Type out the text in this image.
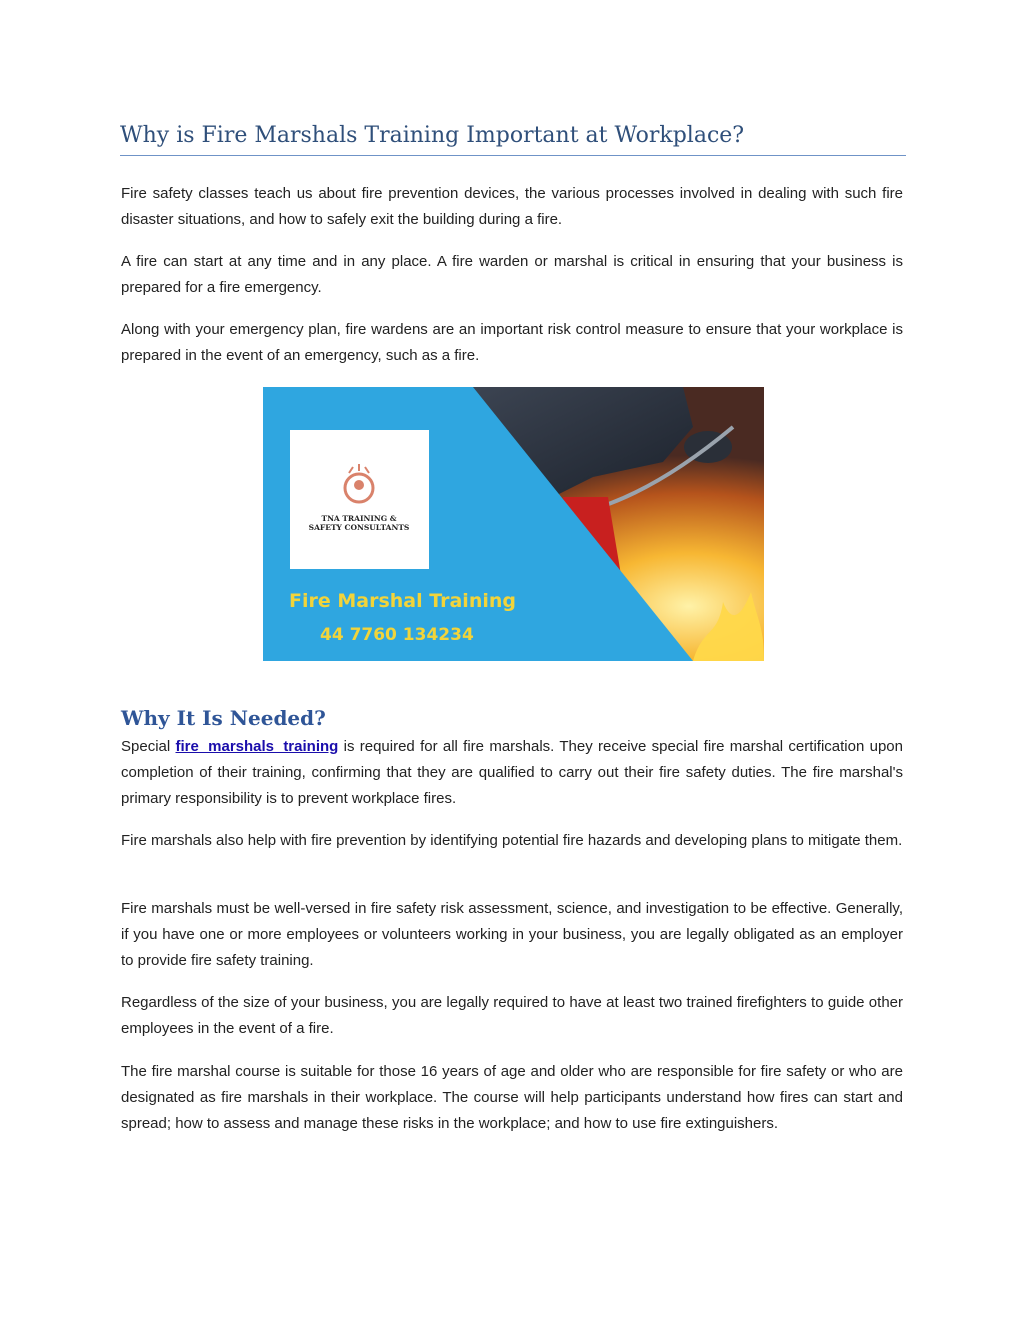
Why is Fire Marshals Training Important at Workplace?

Fire safety classes teach us about fire prevention devices, the various processes involved in dealing with such fire disaster situations, and how to safely exit the building during a fire.

A fire can start at any time and in any place. A fire warden or marshal is critical in ensuring that your business is prepared for a fire emergency.

Along with your emergency plan, fire wardens are an important risk control measure to ensure that your workplace is prepared in the event of an emergency, such as a fire.

TNA TRAINING &
SAFETY CONSULTANTS
Fire Marshal Training
44 7760 134234
Why It Is Needed?

Special fire marshals training is required for all fire marshals. They receive special fire marshal certification upon completion of their training, confirming that they are qualified to carry out their fire safety duties. The fire marshal's primary responsibility is to prevent workplace fires.

Fire marshals also help with fire prevention by identifying potential fire hazards and developing plans to mitigate them.

Fire marshals must be well-versed in fire safety risk assessment, science, and investigation to be effective. Generally, if you have one or more employees or volunteers working in your business, you are legally obligated as an employer to provide fire safety training.

Regardless of the size of your business, you are legally required to have at least two trained firefighters to guide other employees in the event of a fire.

The fire marshal course is suitable for those 16 years of age and older who are responsible for fire safety or who are designated as fire marshals in their workplace. The course will help participants understand how fires can start and spread; how to assess and manage these risks in the workplace; and how to use fire extinguishers.
